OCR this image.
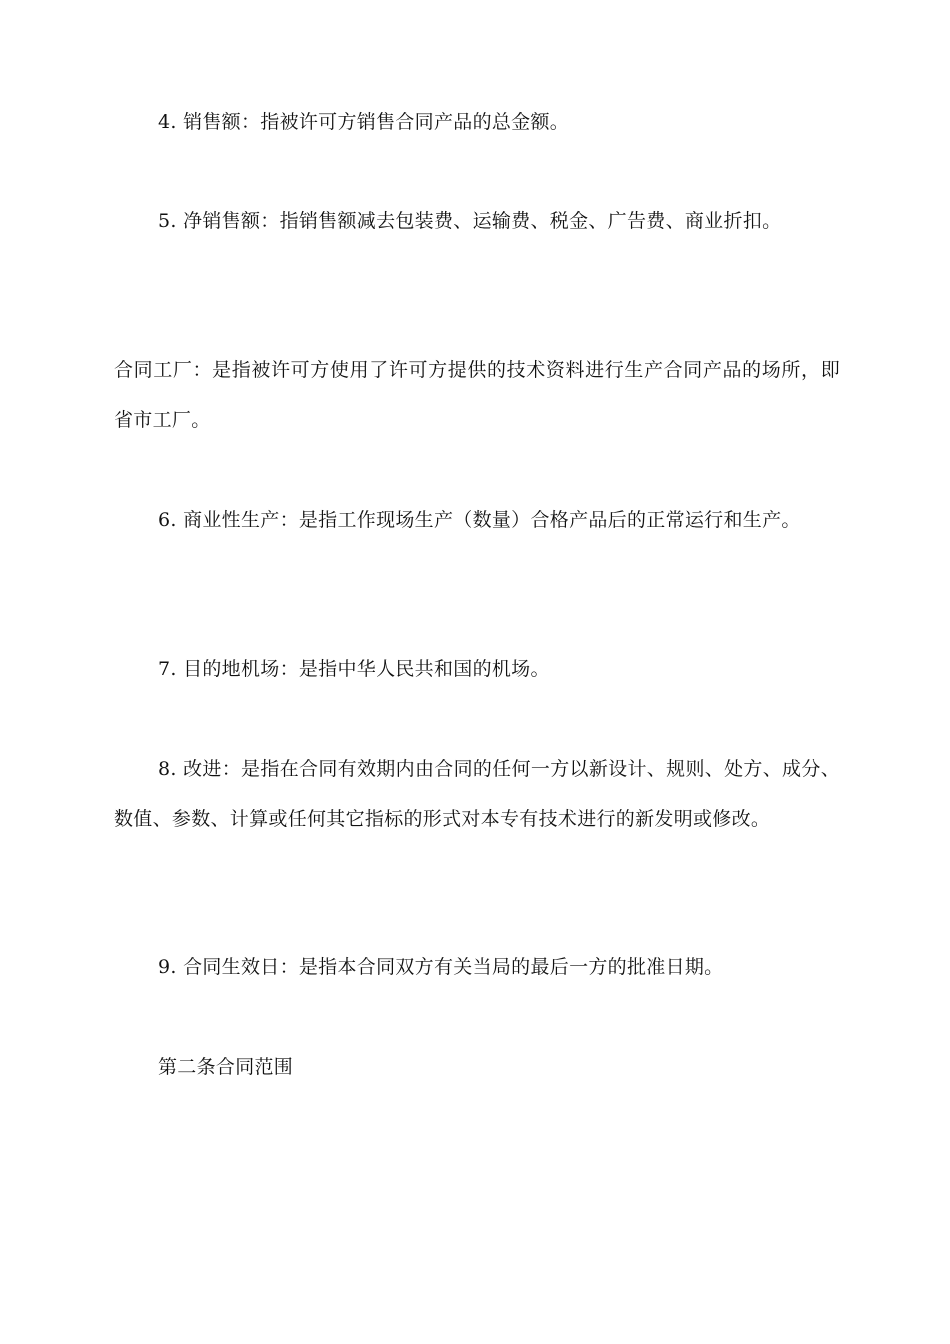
4. 销售额：指被许可方销售合同产品的总金额。

5. 净销售额：指销售额减去包装费、运输费、税金、广告费、商业折扣。

合同工厂：是指被许可方使用了许可方提供的技术资料进行生产合同产品的场所，即省市工厂。

6. 商业性生产：是指工作现场生产（数量）合格产品后的正常运行和生产。

7. 目的地机场：是指中华人民共和国的机场。

8. 改进：是指在合同有效期内由合同的任何一方以新设计、规则、处方、成分、数值、参数、计算或任何其它指标的形式对本专有技术进行的新发明或修改。

9. 合同生效日：是指本合同双方有关当局的最后一方的批准日期。

第二条合同范围
